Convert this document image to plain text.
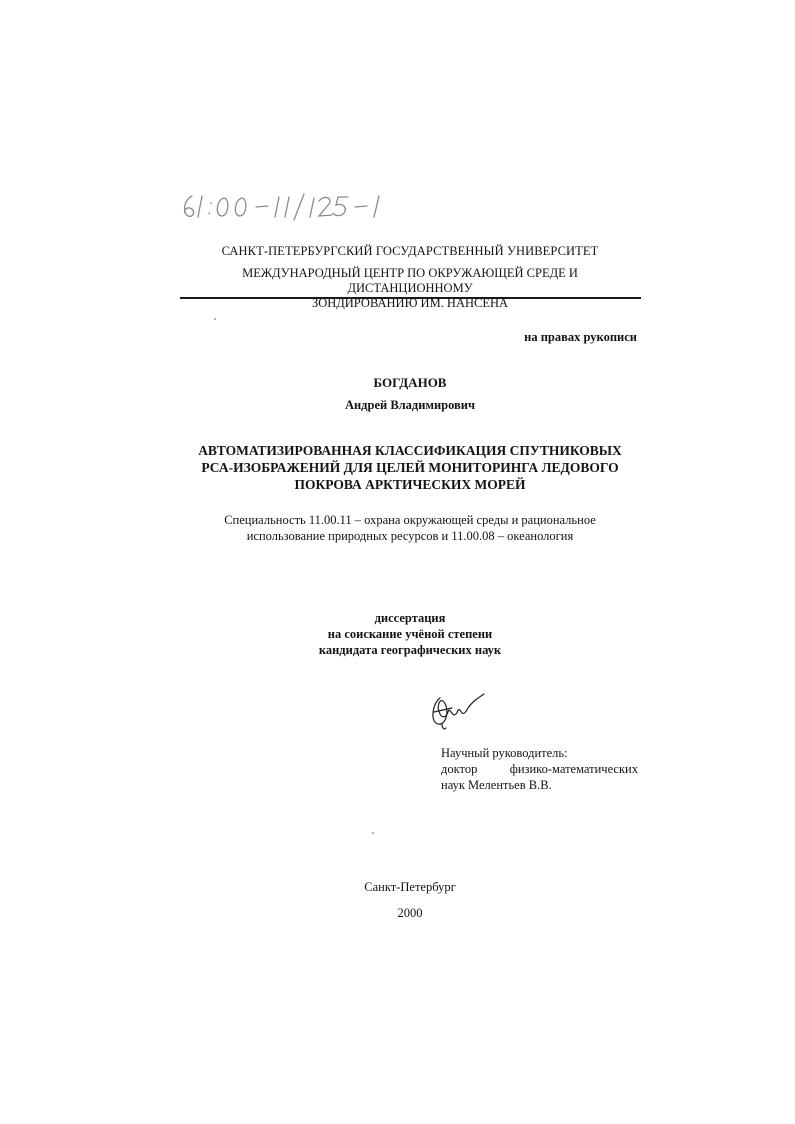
САНКТ-ПЕТЕРБУРГСКИЙ ГОСУДАРСТВЕННЫЙ УНИВЕРСИТЕТ
МЕЖДУНАРОДНЫЙ ЦЕНТР ПО ОКРУЖАЮЩЕЙ СРЕДЕ И ДИСТАНЦИОННОМУ
ЗОНДИРОВАНИЮ ИМ. НАНСЕНА
на правах рукописи
БОГДАНОВ
Андрей Владимирович
АВТОМАТИЗИРОВАННАЯ КЛАССИФИКАЦИЯ СПУТНИКОВЫХ
РСА-ИЗОБРАЖЕНИЙ ДЛЯ ЦЕЛЕЙ МОНИТОРИНГА ЛЕДОВОГО
ПОКРОВА АРКТИЧЕСКИХ МОРЕЙ
Специальность 11.00.11 – охрана окружающей среды и рациональное
использование природных ресурсов и 11.00.08 – океанология
диссертация
на соискание учёной степени
кандидата географических наук
Научный руководитель:
доктор	физико-математических
наук Мелентьев В.В.
Санкт-Петербург
2000
